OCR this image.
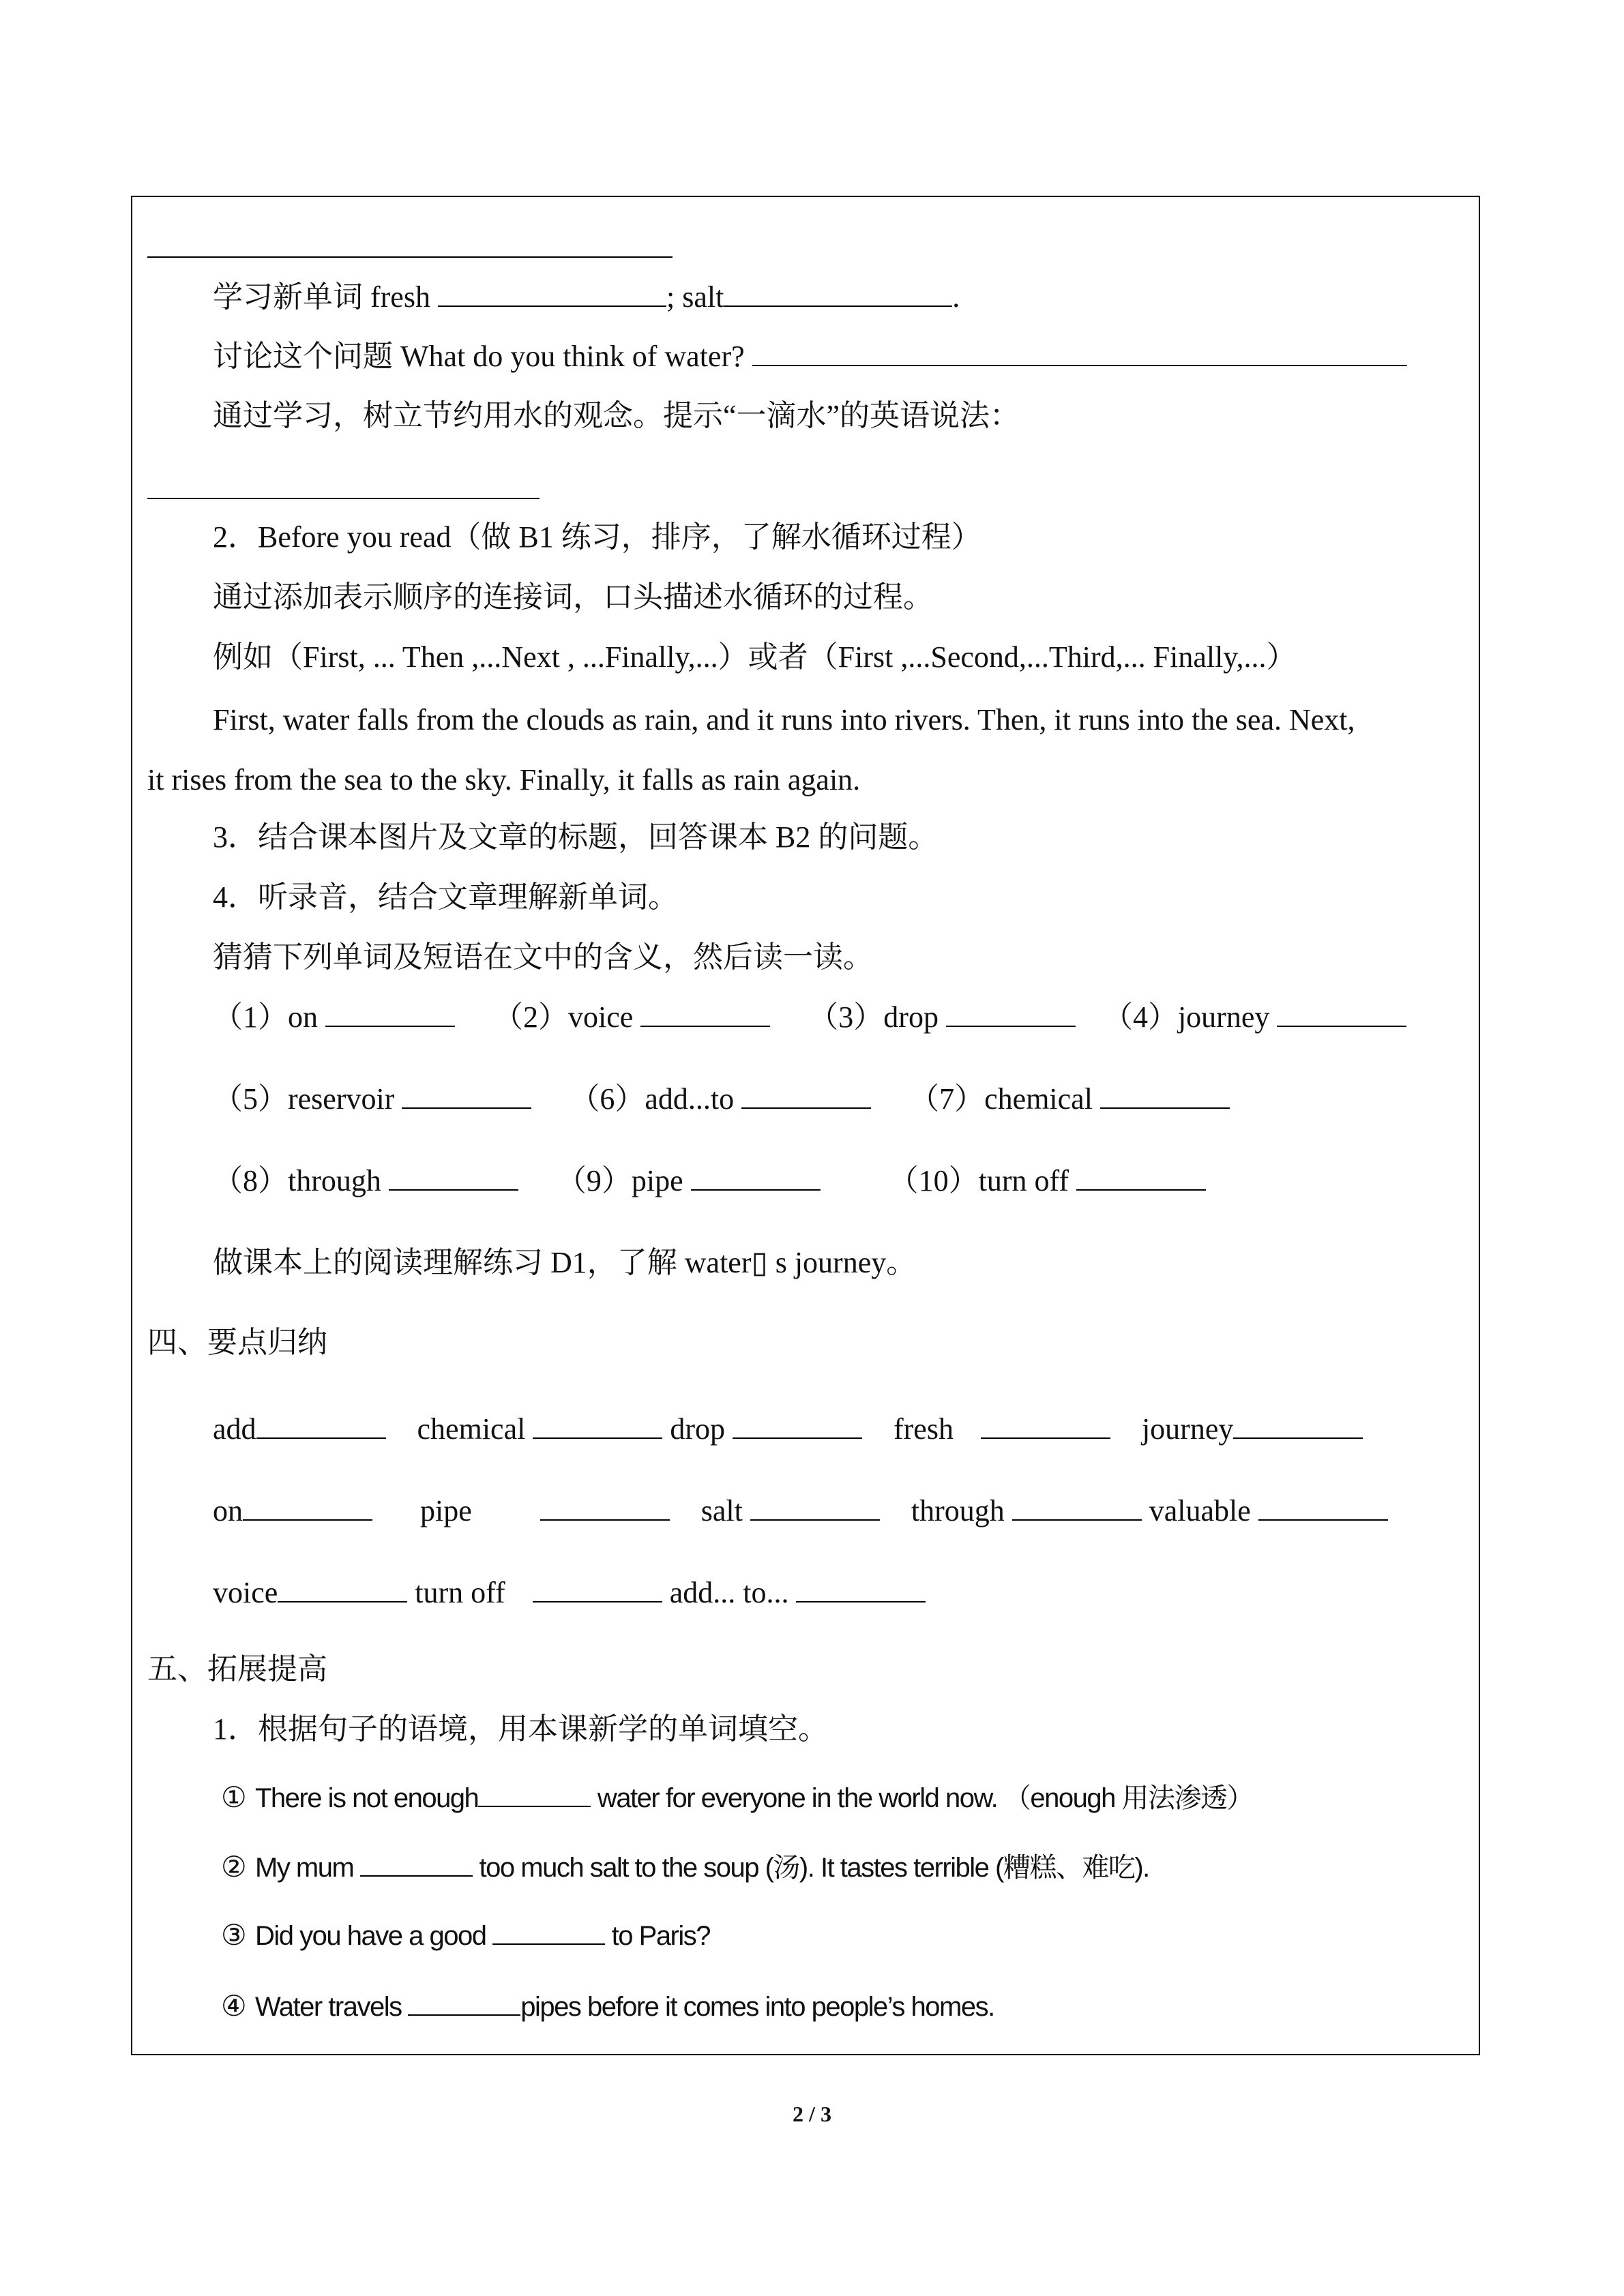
学习新单词 fresh	; salt	.
讨论这个问题 What do you think of water?
通过学习，树立节约用水的观念。提示“一滴水”的英语说法：
2．Before you read（做 B1 练习，排序，了解水循环过程）
通过添加表示顺序的连接词，口头描述水循环的过程。
例如（First, ... Then ,...Next , ...Finally,...）或者（First ,...Second,...Third,... Finally,...）
First, water falls from the clouds as rain, and it runs into rivers. Then, it runs into the sea. Next,
it rises from the sea to the sky. Finally, it falls as rain again.
3．结合课本图片及文章的标题，回答课本 B2 的问题。
4．听录音，结合文章理解新单词。
猜猜下列单词及短语在文中的含义，然后读一读。
（1）on	（2）voice	（3）drop	（4）journey
（5）reservoir	（6）add...to	（7）chemical
（8）through	（9）pipe	（10）turn off
做课本上的阅读理解练习 D1，了解 water▯ s journey。
四、要点归纳
add	chemical	drop	fresh	journey
on	pipe	salt	through	valuable
voice	turn off	add... to...
五、拓展提高
1．根据句子的语境，用本课新学的单词填空。
① There is not enough	water for everyone in the world now. （enough 用法渗透）
② My mum	too much salt to the soup (汤). It tastes terrible (糟糕、难吃).
③ Did you have a good	to Paris?
④ Water travels	pipes before it comes into people’s homes.
2 / 3
